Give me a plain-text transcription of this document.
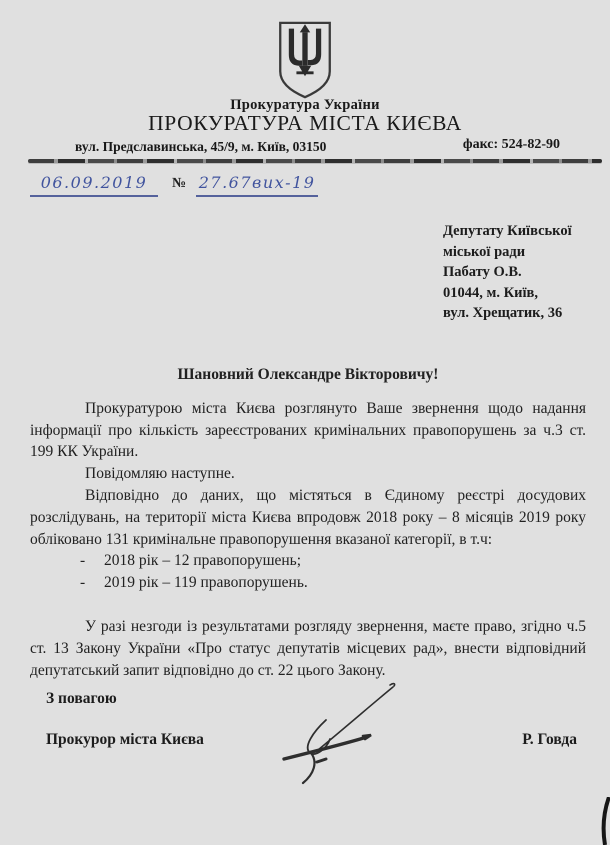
Прокуратура України
ПРОКУРАТУРА МІСТА КИЄВА
вул. Предславинська, 45/9, м. Київ, 03150	факс: 524-82-90
06.09.2019 № 27.67вих-19
Депутату Київської
міської ради
Пабату О.В.
01044, м. Київ,
вул. Хрещатик, 36
Шановний Олександре Вікторовичу!

Прокуратурою міста Києва розглянуто Ваше звернення щодо надання інформації про кількість зареєстрованих кримінальних правопорушень за ч.3 ст. 199 КК України.

Повідомляю наступне.

Відповідно до даних, що містяться в Єдиному реєстрі досудових розслідувань, на території міста Києва впродовж 2018 року – 8 місяців 2019 року обліковано 131 кримінальне правопорушення вказаної категорії, в т.ч:

- 2018 рік – 12 правопорушень;
- 2019 рік – 119 правопорушень.

У разі незгоди із результатами розгляду звернення, маєте право, згідно ч.5 ст. 13 Закону України «Про статус депутатів місцевих рад», внести відповідний депутатський запит відповідно до ст. 22 цього Закону.

З повагою
Прокурор міста Києва	Р. Говда
